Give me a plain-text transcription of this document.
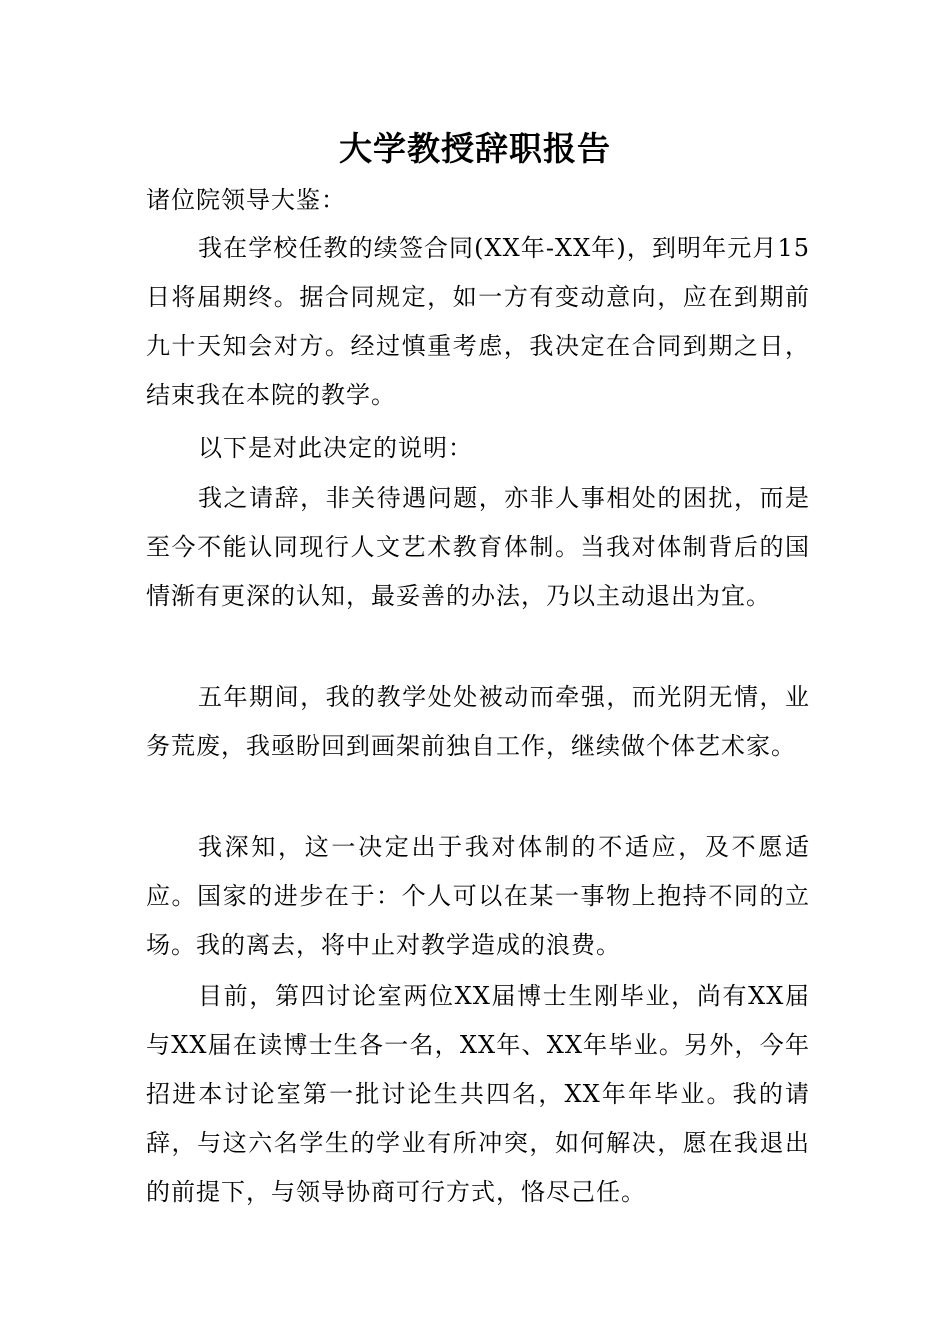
大学教授辞职报告
诸位院领导大鉴：

我在学校任教的续签合同(XX年-XX年)，到明年元月15日将届期终。据合同规定，如一方有变动意向，应在到期前九十天知会对方。经过慎重考虑，我决定在合同到期之日，结束我在本院的教学。

以下是对此决定的说明：

我之请辞，非关待遇问题，亦非人事相处的困扰，而是至今不能认同现行人文艺术教育体制。当我对体制背后的国情渐有更深的认知，最妥善的办法，乃以主动退出为宜。

五年期间，我的教学处处被动而牵强，而光阴无情，业务荒废，我亟盼回到画架前独自工作，继续做个体艺术家。

我深知，这一决定出于我对体制的不适应，及不愿适应。国家的进步在于：个人可以在某一事物上抱持不同的立场。我的离去，将中止对教学造成的浪费。

目前，第四讨论室两位XX届博士生刚毕业，尚有XX届与XX届在读博士生各一名，XX年、XX年毕业。另外，今年招进本讨论室第一批讨论生共四名，XX年年毕业。我的请辞，与这六名学生的学业有所冲突，如何解决，愿在我退出的前提下，与领导协商可行方式，恪尽己任。
